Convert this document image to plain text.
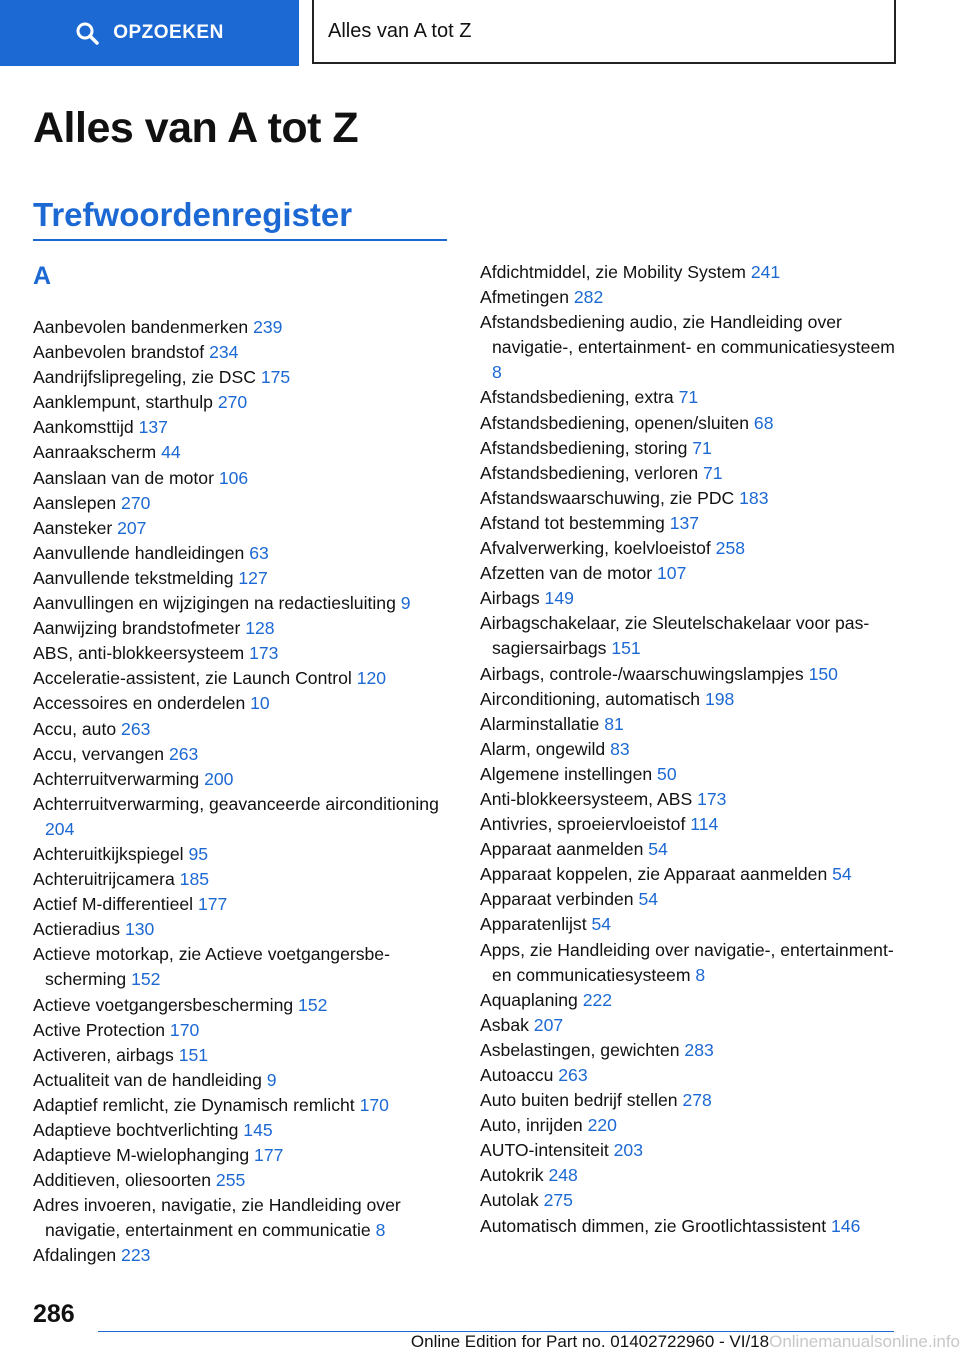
OPZOEKEN	Alles van A tot Z
Alles van A tot Z
Trefwoordenregister
A
Aanbevolen bandenmerken 239
Aanbevolen brandstof 234
Aandrijfslipregeling, zie DSC 175
Aanklempunt, starthulp 270
Aankomsttijd 137
Aanraakscherm 44
Aanslaan van de motor 106
Aanslepen 270
Aansteker 207
Aanvullende handleidingen 63
Aanvullende tekstmelding 127
Aanvullingen en wijzigingen na redactiesluiting 9
Aanwijzing brandstofmeter 128
ABS, anti-blokkeersysteem 173
Acceleratie-assistent, zie Launch Control 120
Accessoires en onderdelen 10
Accu, auto 263
Accu, vervangen 263
Achterruitverwarming 200
Achterruitverwarming, geavanceerde airconditioning 204
Achteruitkijkspiegel 95
Achteruitrijcamera 185
Actief M-differentieel 177
Actieradius 130
Actieve motorkap, zie Actieve voetgangersbescherming 152
Actieve voetgangersbescherming 152
Active Protection 170
Activeren, airbags 151
Actualiteit van de handleiding 9
Adaptief remlicht, zie Dynamisch remlicht 170
Adaptieve bochtverlichting 145
Adaptieve M-wielophanging 177
Additieven, oliesoorten 255
Adres invoeren, navigatie, zie Handleiding over navigatie, entertainment en communicatie 8
Afdalingen 223
Afdichtmiddel, zie Mobility System 241
Afmetingen 282
Afstandsbediening audio, zie Handleiding over navigatie-, entertainment- en communicatiesysteem 8
Afstandsbediening, extra 71
Afstandsbediening, openen/sluiten 68
Afstandsbediening, storing 71
Afstandsbediening, verloren 71
Afstandswaarschuwing, zie PDC 183
Afstand tot bestemming 137
Afvalverwerking, koelvloeistof 258
Afzetten van de motor 107
Airbags 149
Airbagschakelaar, zie Sleutelschakelaar voor passagiersairbags 151
Airbags, controle-/waarschuwingslampjes 150
Airconditioning, automatisch 198
Alarminstallatie 81
Alarm, ongewild 83
Algemene instellingen 50
Anti-blokkeersysteem, ABS 173
Antivries, sproeiervloeistof 114
Apparaat aanmelden 54
Apparaat koppelen, zie Apparaat aanmelden 54
Apparaat verbinden 54
Apparatenlijst 54
Apps, zie Handleiding over navigatie-, entertainment- en communicatiesysteem 8
Aquaplaning 222
Asbak 207
Asbelastingen, gewichten 283
Autoaccu 263
Auto buiten bedrijf stellen 278
Auto, inrijden 220
AUTO-intensiteit 203
Autokrik 248
Autolak 275
Automatisch dimmen, zie Grootlichtassistent 146
286
Online Edition for Part no. 01402722960 - VI/18Onlinemanualsonline.info
